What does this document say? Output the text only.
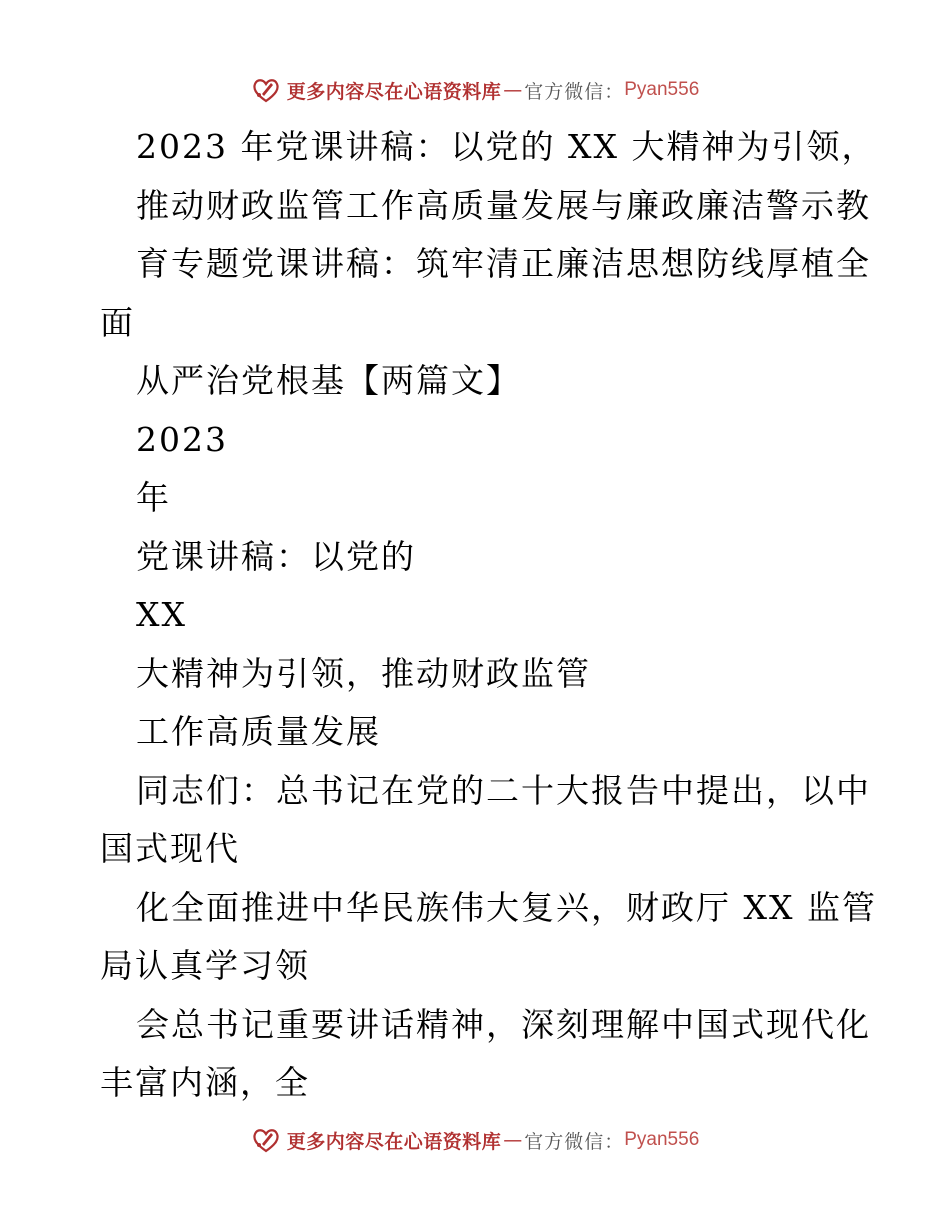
更多内容尽在心语资料库 — 官方微信： Pyan556
2023 年党课讲稿：以党的 XX 大精神为引领，
推动财政监管工作高质量发展与廉政廉洁警示教
育专题党课讲稿：筑牢清正廉洁思想防线厚植全
面
从严治党根基【两篇文】
2023
年
党课讲稿：以党的
XX
大精神为引领，推动财政监管
工作高质量发展
同志们：总书记在党的二十大报告中提出，以中
国式现代
化全面推进中华民族伟大复兴，财政厅 XX 监管
局认真学习领
会总书记重要讲话精神，深刻理解中国式现代化
丰富内涵，全
更多内容尽在心语资料库 — 官方微信： Pyan556
